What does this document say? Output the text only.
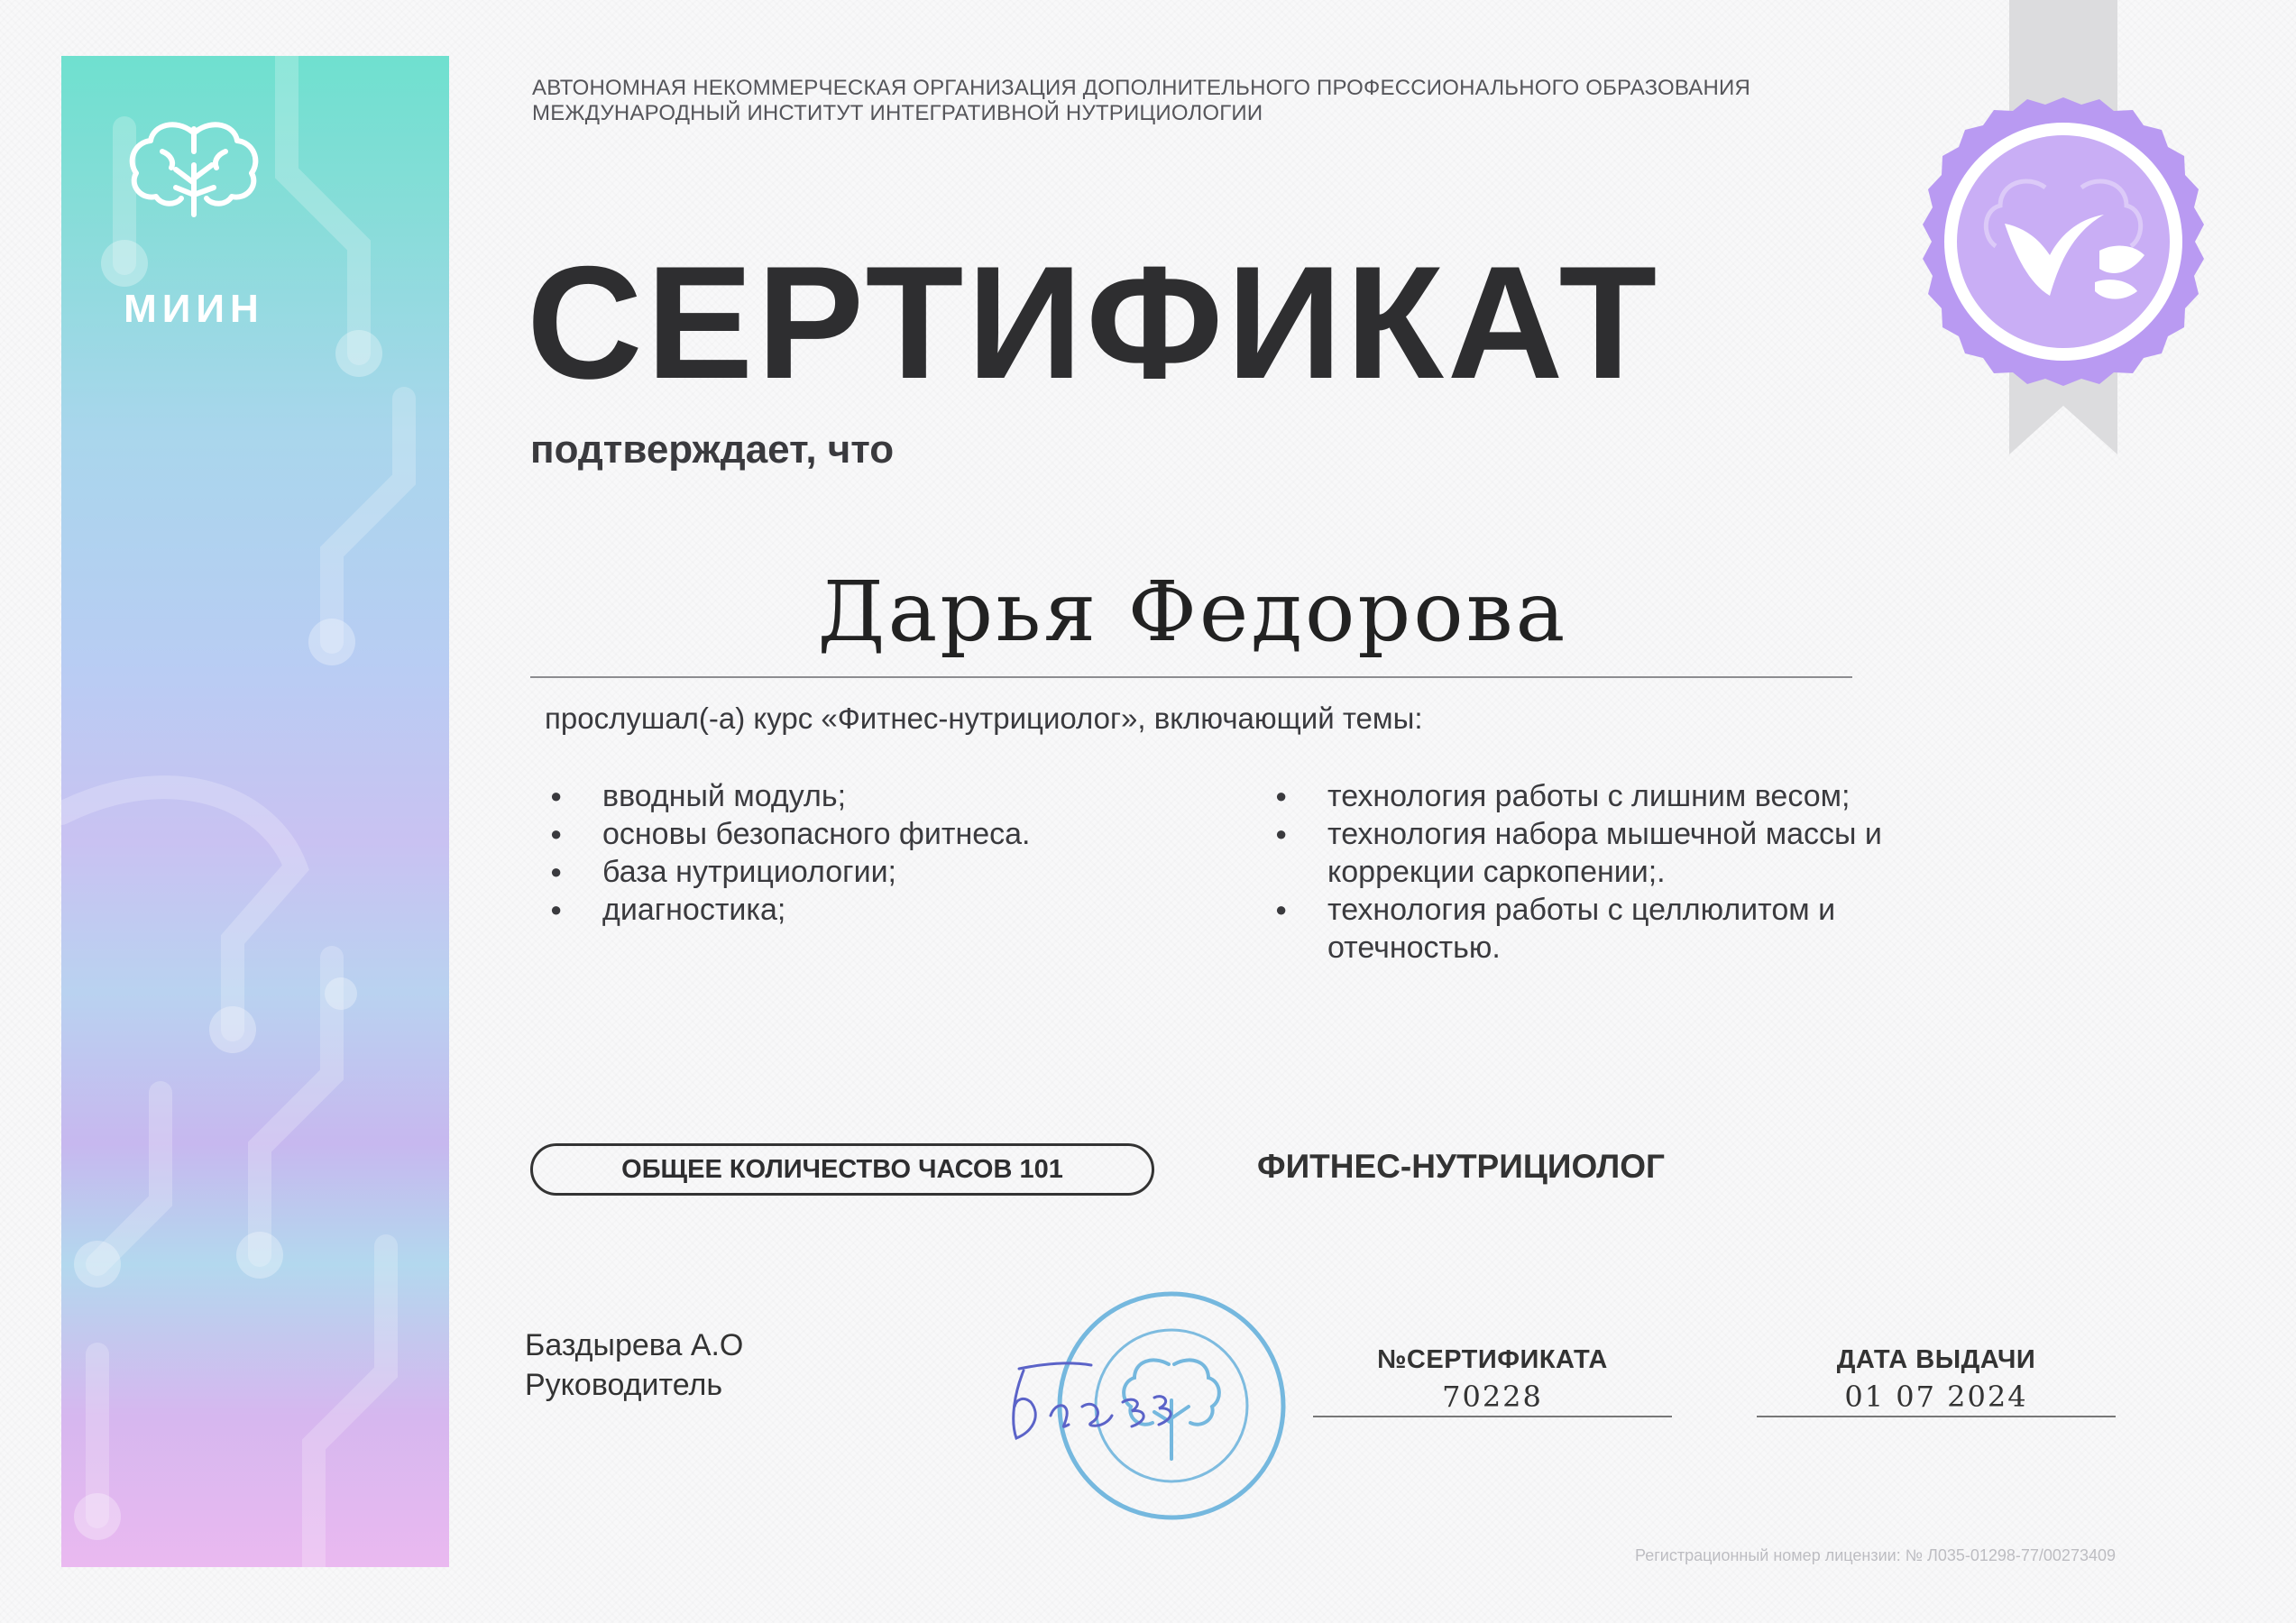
МИИН
АВТОНОМНАЯ НЕКОММЕРЧЕСКАЯ ОРГАНИЗАЦИЯ ДОПОЛНИТЕЛЬНОГО ПРОФЕССИОНАЛЬНОГО ОБРАЗОВАНИЯ
МЕЖДУНАРОДНЫЙ ИНСТИТУТ ИНТЕГРАТИВНОЙ НУТРИЦИОЛОГИИ
СЕРТИФИКАТ
подтверждает, что
Дарья Федорова
прослушал(-а) курс «Фитнес-нутрициолог», включающий темы:
● вводный модуль;
● основы безопасного фитнеса.
● база нутрициологии;
● диагностика;
● технология работы с лишним весом;
● технология набора мышечной массы и коррекции саркопении;.
● технология работы с целлюлитом и отечностью.
ОБЩЕЕ КОЛИЧЕСТВО ЧАСОВ 101	ФИТНЕС-НУТРИЦИОЛОГ
Баздырева А.О
Руководитель
№СЕРТИФИКАТА
70228
ДАТА ВЫДАЧИ
01 07 2024
Регистрационный номер лицензии: № Л035-01298-77/00273409
